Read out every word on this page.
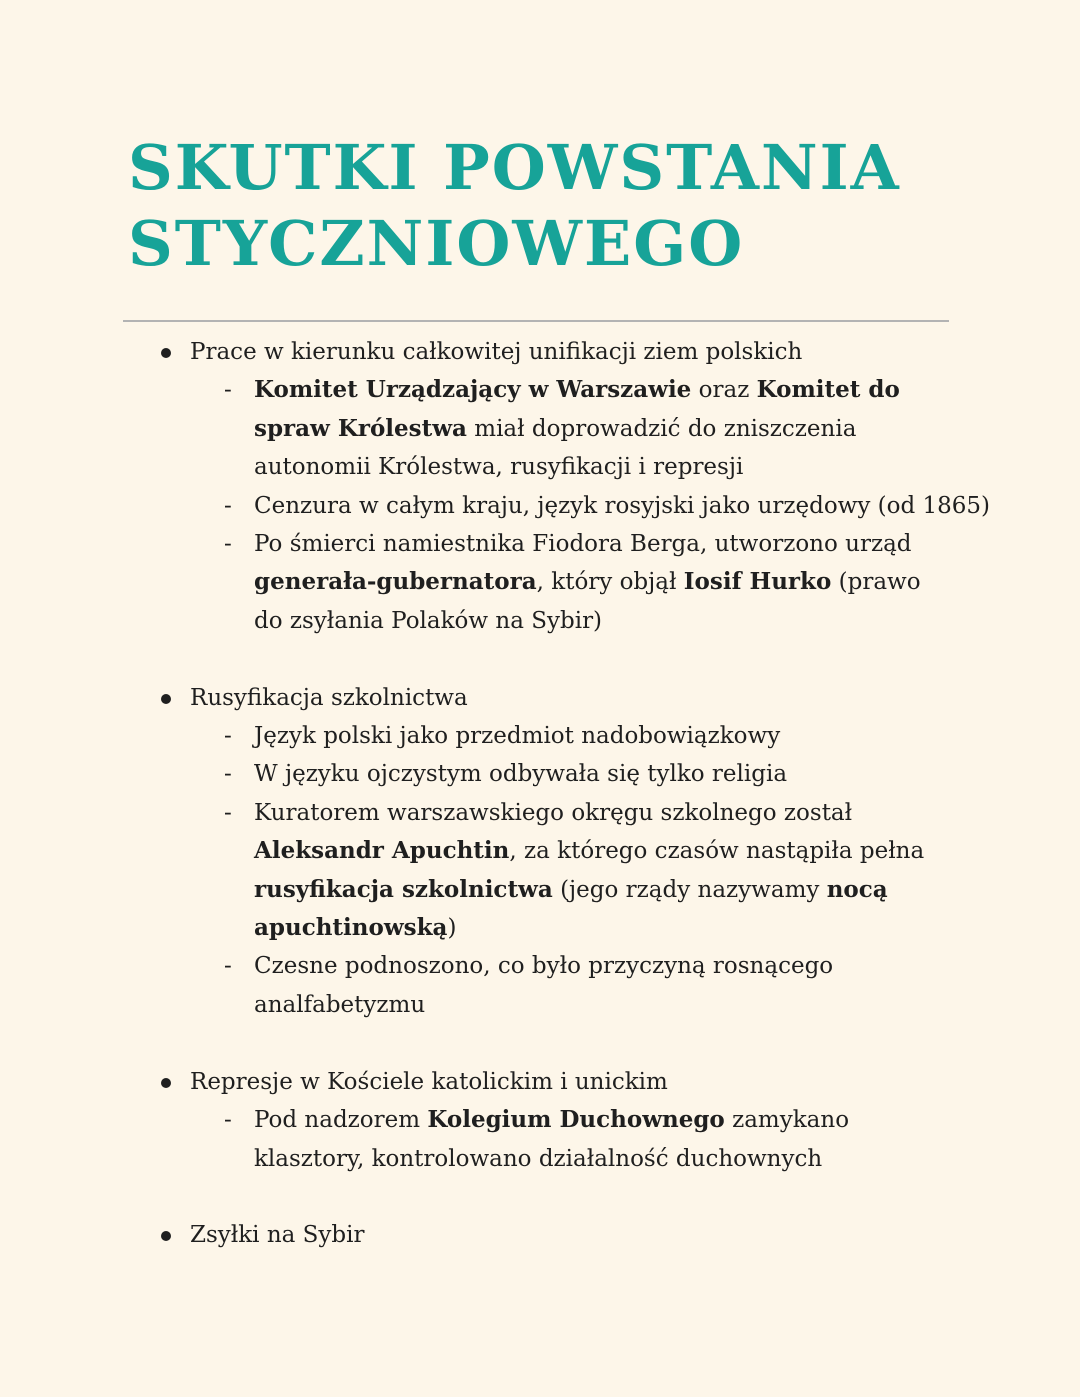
SKUTKI POWSTANIA
STYCZNIOWEGO
Prace w kierunku całkowitej unifikacji ziem polskich
- Komitet Urządzający w Warszawie oraz Komitet do spraw Królestwa miał doprowadzić do zniszczenia autonomii Królestwa, rusyfikacji i represji
- Cenzura w całym kraju, język rosyjski jako urzędowy (od 1865)
- Po śmierci namiestnika Fiodora Berga, utworzono urząd generała-gubernatora, który objął Iosif Hurko (prawo do zsyłania Polaków na Sybir)
Rusyfikacja szkolnictwa
- Język polski jako przedmiot nadobowiązkowy
- W języku ojczystym odbywała się tylko religia
- Kuratorem warszawskiego okręgu szkolnego został Aleksandr Apuchtin, za którego czasów nastąpiła pełna rusyfikacja szkolnictwa (jego rządy nazywamy nocą apuchtinowską)
- Czesne podnoszono, co było przyczyną rosnącego analfabetyzmu
Represje w Kościele katolickim i unickim
- Pod nadzorem Kolegium Duchownego zamykano klasztory, kontrolowano działalność duchownych
Zsyłki na Sybir
